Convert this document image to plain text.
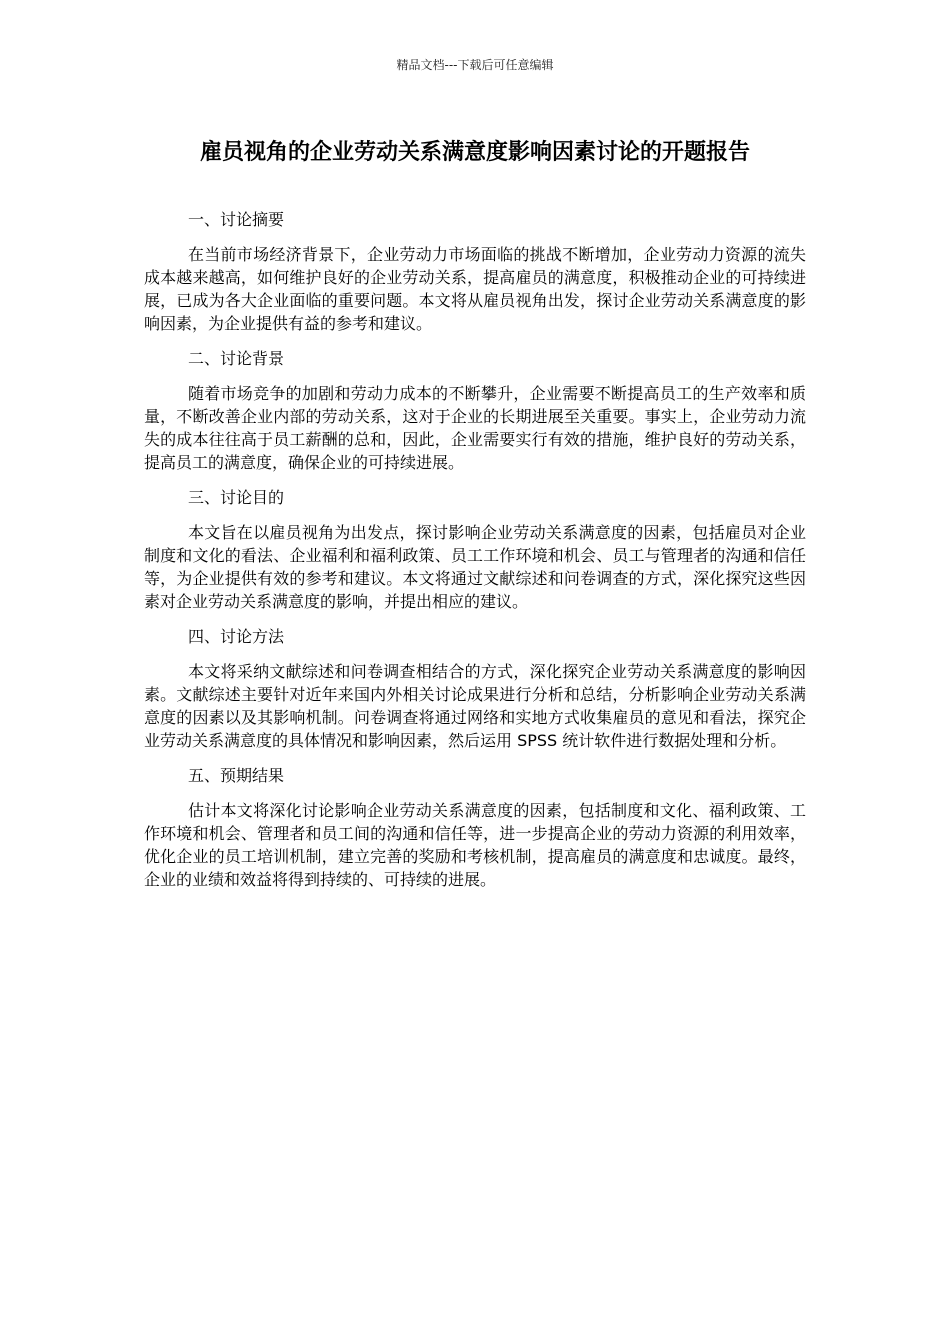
精品文档---下载后可任意编辑
雇员视角的企业劳动关系满意度影响因素讨论的开题报告

一、讨论摘要

在当前市场经济背景下，企业劳动力市场面临的挑战不断增加，企业劳动力资源的流失成本越来越高，如何维护良好的企业劳动关系，提高雇员的满意度，积极推动企业的可持续进展，已成为各大企业面临的重要问题。本文将从雇员视角出发，探讨企业劳动关系满意度的影响因素，为企业提供有益的参考和建议。

二、讨论背景

随着市场竞争的加剧和劳动力成本的不断攀升，企业需要不断提高员工的生产效率和质量，不断改善企业内部的劳动关系，这对于企业的长期进展至关重要。事实上，企业劳动力流失的成本往往高于员工薪酬的总和，因此，企业需要实行有效的措施，维护良好的劳动关系，提高员工的满意度，确保企业的可持续进展。

三、讨论目的

本文旨在以雇员视角为出发点，探讨影响企业劳动关系满意度的因素，包括雇员对企业制度和文化的看法、企业福利和福利政策、员工工作环境和机会、员工与管理者的沟通和信任等，为企业提供有效的参考和建议。本文将通过文献综述和问卷调查的方式，深化探究这些因素对企业劳动关系满意度的影响，并提出相应的建议。

四、讨论方法

本文将采纳文献综述和问卷调查相结合的方式，深化探究企业劳动关系满意度的影响因素。文献综述主要针对近年来国内外相关讨论成果进行分析和总结，分析影响企业劳动关系满意度的因素以及其影响机制。问卷调查将通过网络和实地方式收集雇员的意见和看法，探究企业劳动关系满意度的具体情况和影响因素，然后运用 SPSS 统计软件进行数据处理和分析。

五、预期结果

估计本文将深化讨论影响企业劳动关系满意度的因素，包括制度和文化、福利政策、工作环境和机会、管理者和员工间的沟通和信任等，进一步提高企业的劳动力资源的利用效率，优化企业的员工培训机制，建立完善的奖励和考核机制，提高雇员的满意度和忠诚度。最终，企业的业绩和效益将得到持续的、可持续的进展。
